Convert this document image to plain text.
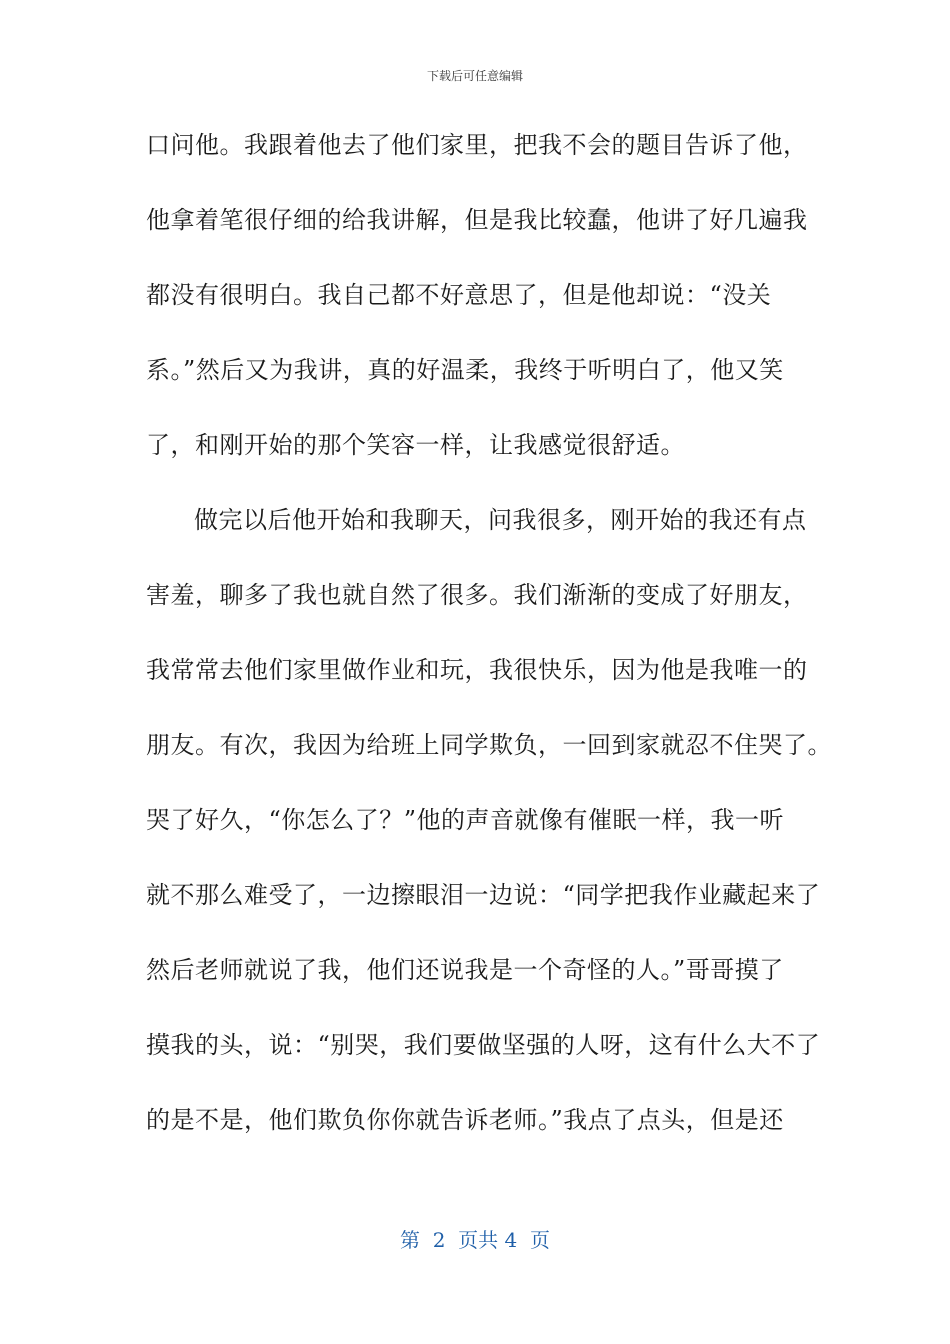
下载后可任意编辑
口问他。我跟着他去了他们家里，把我不会的题目告诉了他，
他拿着笔很仔细的给我讲解，但是我比较蠢，他讲了好几遍我
都没有很明白。我自己都不好意思了，但是他却说：“没关
系。”然后又为我讲，真的好温柔，我终于听明白了，他又笑
了，和刚开始的那个笑容一样，让我感觉很舒适。
做完以后他开始和我聊天，问我很多，刚开始的我还有点
害羞，聊多了我也就自然了很多。我们渐渐的变成了好朋友，
我常常去他们家里做作业和玩，我很快乐，因为他是我唯一的
朋友。有次，我因为给班上同学欺负，一回到家就忍不住哭了。
哭了好久，“你怎么了？”他的声音就像有催眠一样，我一听
就不那么难受了，一边擦眼泪一边说：“同学把我作业藏起来了
然后老师就说了我，他们还说我是一个奇怪的人。”哥哥摸了
摸我的头，说：“别哭，我们要做坚强的人呀，这有什么大不了
的是不是，他们欺负你你就告诉老师。”我点了点头，但是还
第  2  页共 4  页
